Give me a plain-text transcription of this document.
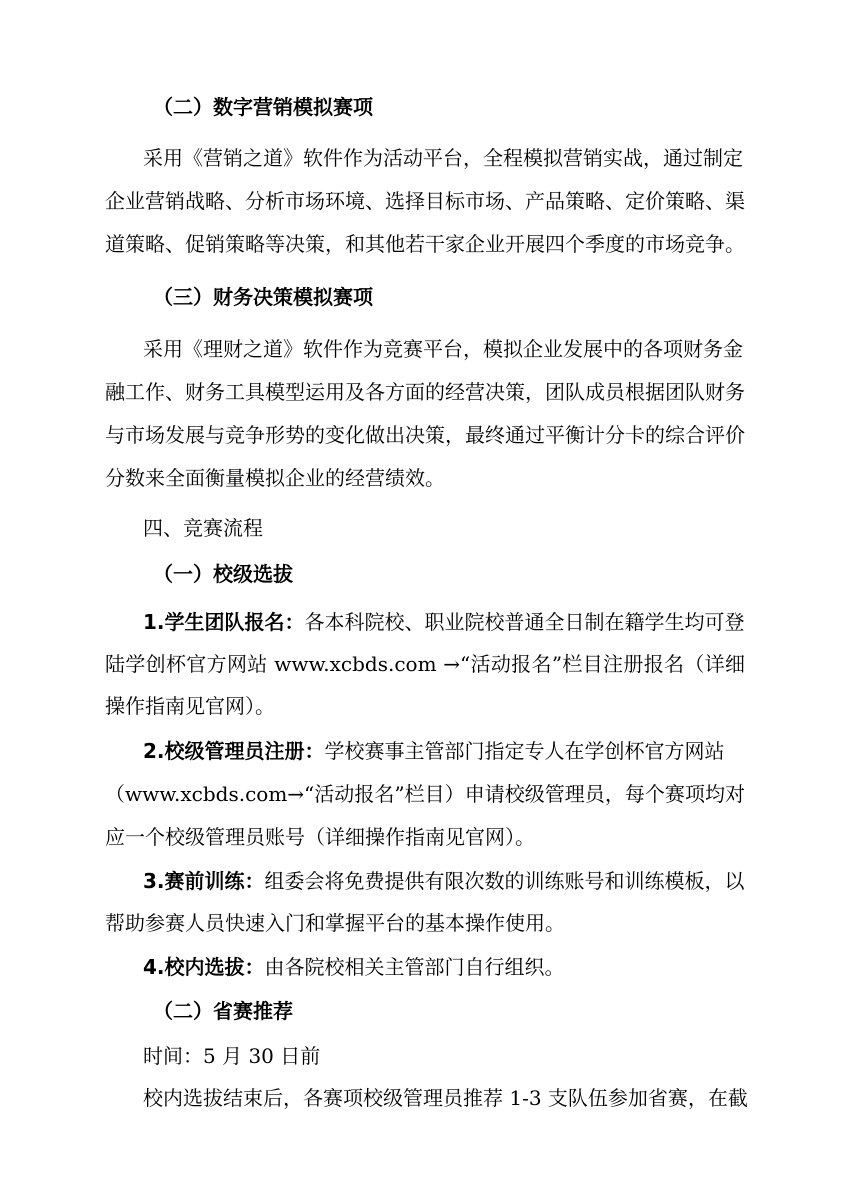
（二）数字营销模拟赛项
采用《营销之道》软件作为活动平台，全程模拟营销实战，通过制定
企业营销战略、分析市场环境、选择目标市场、产品策略、定价策略、渠
道策略、促销策略等决策，和其他若干家企业开展四个季度的市场竞争。
（三）财务决策模拟赛项
采用《理财之道》软件作为竞赛平台，模拟企业发展中的各项财务金
融工作、财务工具模型运用及各方面的经营决策，团队成员根据团队财务
与市场发展与竞争形势的变化做出决策，最终通过平衡计分卡的综合评价
分数来全面衡量模拟企业的经营绩效。
四、竞赛流程
（一）校级选拔
1.学生团队报名：各本科院校、职业院校普通全日制在籍学生均可登
陆学创杯官方网站 www.xcbds.com →“活动报名”栏目注册报名（详细
操作指南见官网）。
2.校级管理员注册：学校赛事主管部门指定专人在学创杯官方网站
（www.xcbds.com→“活动报名”栏目）申请校级管理员，每个赛项均对
应一个校级管理员账号（详细操作指南见官网）。
3.赛前训练：组委会将免费提供有限次数的训练账号和训练模板，以
帮助参赛人员快速入门和掌握平台的基本操作使用。
4.校内选拔：由各院校相关主管部门自行组织。
（二）省赛推荐
时间：5 月 30 日前
校内选拔结束后，各赛项校级管理员推荐 1-3 支队伍参加省赛，在截
